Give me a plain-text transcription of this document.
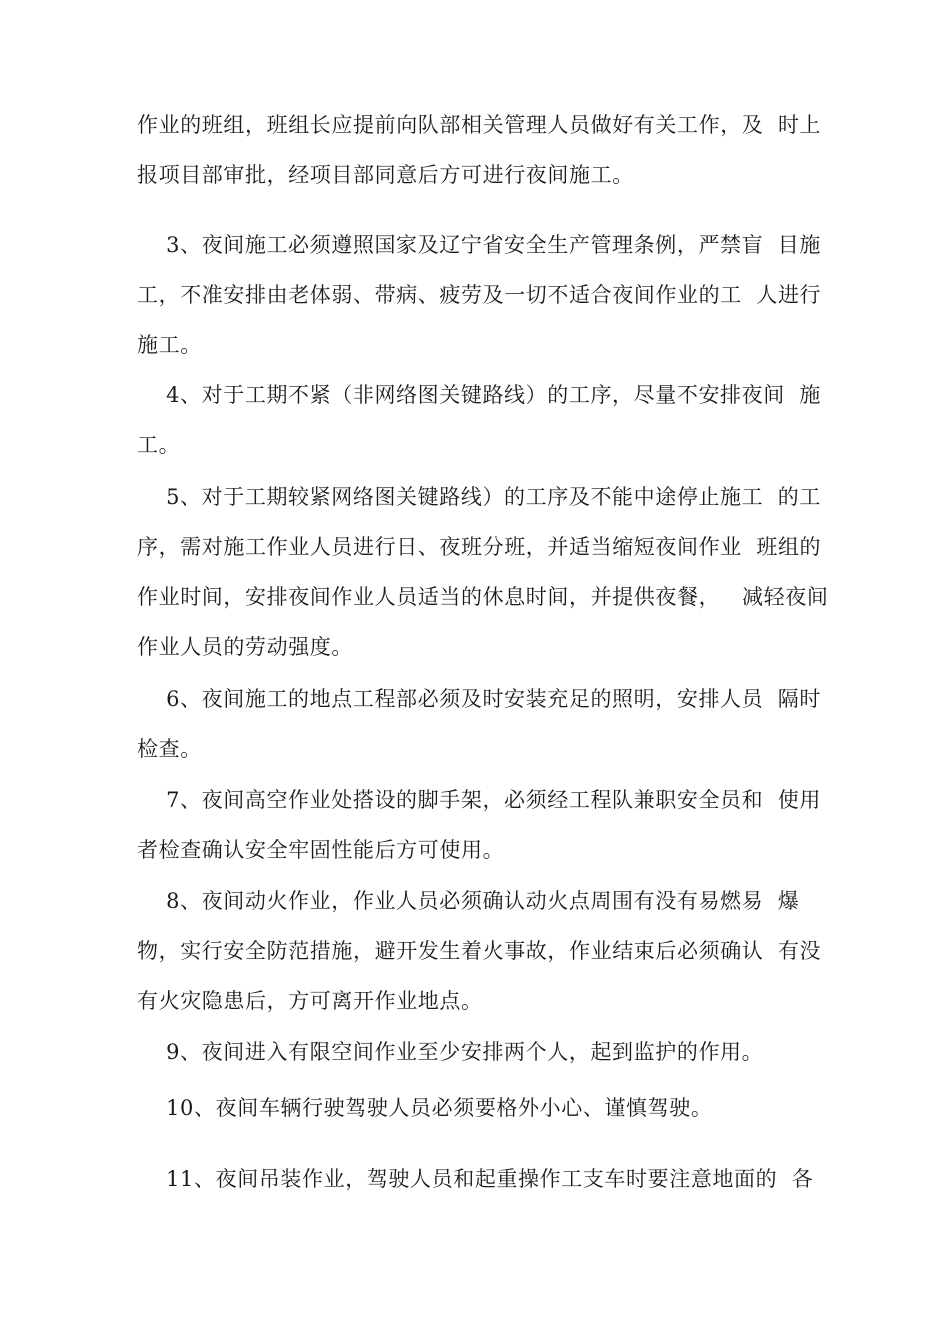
作业的班组，班组长应提前向队部相关管理人员做好有关工作，及  时上
报项目部审批，经项目部同意后方可进行夜间施工。
3、夜间施工必须遵照国家及辽宁省安全生产管理条例，严禁盲  目施
工，不准安排由老体弱、带病、疲劳及一切不适合夜间作业的工  人进行
施工。
4、对于工期不紧（非网络图关键路线）的工序，尽量不安排夜间  施
工。
5、对于工期较紧网络图关键路线）的工序及不能中途停止施工  的工
序，需对施工作业人员进行日、夜班分班，并适当缩短夜间作业  班组的
作业时间，安排夜间作业人员适当的休息时间，并提供夜餐，   减轻夜间
作业人员的劳动强度。
6、夜间施工的地点工程部必须及时安装充足的照明，安排人员  隔时
检查。
7、夜间高空作业处搭设的脚手架，必须经工程队兼职安全员和  使用
者检查确认安全牢固性能后方可使用。
8、夜间动火作业，作业人员必须确认动火点周围有没有易燃易  爆
物，实行安全防范措施，避开发生着火事故，作业结束后必须确认  有没
有火灾隐患后，方可离开作业地点。
9、夜间进入有限空间作业至少安排两个人，起到监护的作用。
10、夜间车辆行驶驾驶人员必须要格外小心、谨慎驾驶。
11、夜间吊装作业，驾驶人员和起重操作工支车时要注意地面的  各
